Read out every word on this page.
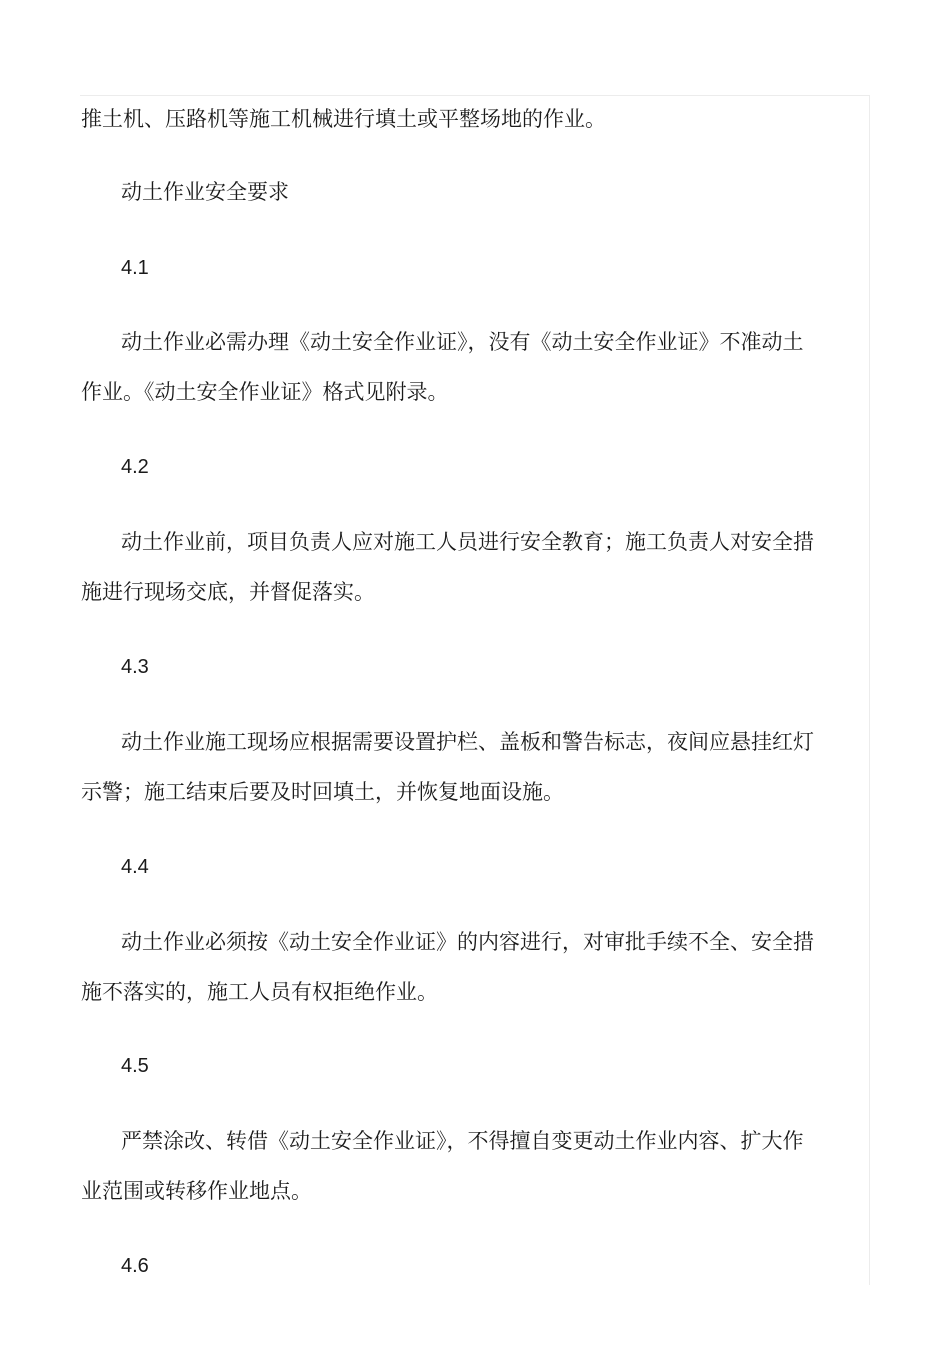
推土机、压路机等施工机械进行填土或平整场地的作业。

动土作业安全要求

4.1

动土作业必需办理《动土安全作业证》，没有《动土安全作业证》不准动土作业。《动土安全作业证》格式见附录。

4.2

动土作业前，项目负责人应对施工人员进行安全教育；施工负责人对安全措施进行现场交底，并督促落实。

4.3

动土作业施工现场应根据需要设置护栏、盖板和警告标志，夜间应悬挂红灯示警；施工结束后要及时回填土，并恢复地面设施。

4.4

动土作业必须按《动土安全作业证》的内容进行，对审批手续不全、安全措施不落实的，施工人员有权拒绝作业。

4.5

严禁涂改、转借《动土安全作业证》，不得擅自变更动土作业内容、扩大作业范围或转移作业地点。

4.6
